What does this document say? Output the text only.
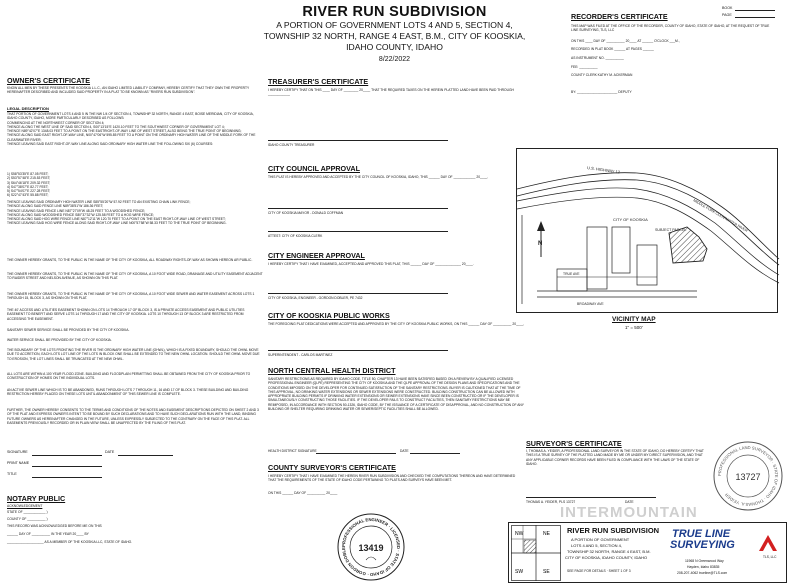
RIVER RUN SUBDIVISION
A PORTION OF GOVERNMENT LOTS 4 AND 5, SECTION 4,
TOWNSHIP 32 NORTH, RANGE 4 EAST, B.M., CITY OF KOOSKIA,
IDAHO COUNTY, IDAHO
8/22/2022
BOOK
PAGE
RECORDER'S CERTIFICATE
THIS MAP WAS FILED AT THE OFFICE OF THE RECORDER, COUNTY OF IDAHO, STATE OF IDAHO, AT THE REQUEST OF TRUE LINE SURVEYING, TLS, LLC
ON THIS ____ DAY OF __________ 20____ AT ______ O'CLOCK ___M.,
RECORDED IN PLAT BOOK ______ AT PAGES ______
AS INSTRUMENT NO. __________
FEE: __________
COUNTY CLERK KATHY M. ACKERMAN
BY: ______________________ DEPUTY
OWNER'S CERTIFICATE
KNOW ALL MEN BY THESE PRESENTS THE KOOSKIA L.L.C., AN IDAHO LIMITED LIABILITY COMPANY, HEREBY CERTIFY THAT THEY OWN THE PROPERTY HEREINAFTER DESCRIBED AND INCLUDED SAID PROPERTY IN A PLAT TO BE KNOWN AS "RIVERS RUN SUBDIVISION".
LEGAL DESCRIPTION
THAT PORTION OF GOVERNMENT LOTS 4 AND 5 IN THE NW 1/4 OF SECTION 4, TOWNSHIP 32 NORTH, RANGE 4 EAST, BOISE MERIDIAN, CITY OF KOOSKIA, IDAHO COUNTY, IDAHO, MORE PARTICULARLY DESCRIBED AS FOLLOWS:
COMMENCING AT THE NORTHWEST CORNER OF SECTION 4;
THENCE ALONG THE WEST LINE OF SAID SECTION 4, S00°13'15"E 1420.10 FEET TO THE SOUTHWEST CORNER OF GOVERNMENT LOT 4;
THENCE N89°42'07"E 1348.03 FEET TO A POINT ON THE EASTRIGHT-OF-WAY LINE OF WEST STREET, ALSO BEING THE TRUE POINT OF BEGINNING;
THENCE ALONG SAID EAST RIGHT-OF-WAY LINE, N00°47'06"W 595.85 FEET TO A POINT ON THE ORDINARY HIGH WATER LINE OF THE MIDDLE FORK OF THE CLEARWATER RIVER;
THENCE LEAVING SAID EAST RIGHT-OF-WAY LINE ALONG SAID ORDINARY HIGH WATER LINE THE FOLLOWING SIX (6) COURSES:
1) S58°53'35"E 87.05 FEET;
2) S53°57'48"E 215.53 FEET;
3) S64°46'18"E 209.32 FEET;
4) S47°38'07"E 82.77 FEET;
5) S47°54'07"E 227.28 FEET;
6) S22°47'43"E 55.88 FEET;
THENCE LEAVING SAID ORDINARY HIGH WATER LINE S85°55'20"W 57.92 FEET TO AN EXISTING CHAIN LINK FENCE;
THENCE ALONG SAID FENCE LINE N89°38'51"W 186.36 FEET;
THENCE LEAVING SAID FENCE LINE N87°27'09"W 48.25 FEET TO A WOODSHED FENCE;
THENCE ALONG SAID WOODSHED FENCE S80°37'32"W 125.58 FEET TO A HOG WIRE FENCE;
THENCE ALONG SAID HOG WIRE FENCE LINE N87°12'11"W 120.70 FEET TO A POINT ON THE EAST RIGHT-OF-WAY LINE OF WEST STREET;
THENCE LEAVING SAID HOG WIRE FENCE ALONG SAID RIGHT-OF-WAY LINE N00°57'58"W 58.33 FEET TO THE TRUE POINT OF BEGINNING.
THE OWNER HEREBY GRANTS, TO THE PUBLIC IN THE NAME OF THE CITY OF KOOSKIA, ALL ROADWAY RIGHTS-OF-WAY AS SHOWN HEREON AR PUBLIC.
THE OWNER HEREBY GRANTS, TO THE PUBLIC IN THE NAME OF THE CITY OF KOOSKIA, A 10 FOOT WIDE ROAD, DRAINAGE AND UTILITY EASEMENT ADJACENT TO RAIDER STREET AND NELSON AVENUE, AS SHOWN ON THIS PLAT.
THE OWNER HEREBY GRANTS, TO THE PUBLIC IN THE NAME OF THE CITY OF KOOSKIA, A 10 FOOT WIDE SEWER AND WATER EASEMENT ACROSS LOTS 1 THROUGH 15, BLOCK 3, AS SHOWN ON THIS PLAT.
THE 40' ACCESS AND UTILITIES EASEMENT SHOWN ON LOTS 14 THROUGH 17 OF BLOCK 3, IS A PRIVATE ACCESS EASEMENT AND PUBLIC UTILITIES EASEMENT TO BENEFIT AND SERVE LOTS 14 THROUGH 17 AND THE CITY OF KOOSKIA. LOTS 10 THROUGH 13 OF BLOCK 3 ARE RESTRICTED FROM ACCESSING THE EASEMENT.
SANITARY SEWER SERVICE SHALL BE PROVIDED BY THE CITY OF KOOSKIA.
WATER SERVICE SHALL BE PROVIDED BY THE CITY OF KOOSKIA.
THE BOUNDARY OF THE LOTS FRONTING THE RIVER IS THE ORDINARY HIGH WATER LINE (OHWL), WHICH IS A FIXED BOUNDARY, SHOULD THE OHWL MOVE DUE TO ACCRETION, EACH LOTS LOT LINE OF THE LOTS IN BLOCK ONE SHALL BE EXTENDED TO THE NEW OHWL LOCATION. SHOULD THE OHWL MOVE DUE TO EROSION, THE LOT LINES SHALL BE TRUNCATED AT THE NEW OHWL.
ALL LOTS ARE WITHIN A 100 YEAR FLOOD ZONE. BUILDING AND FLOODPLAIN PERMITTING SHALL BE OBTAINED FROM THE CITY OF KOOSKIA PRIOR TO CONSTRUCTION OF HOMES ON THE INDIVIDUAL LOTS.
AN ACTIVE SEWER LINE WHICH IS TO BE ABANDONED, RUNS THROUGH LOTS 7 THROUGH 11, 16 AND 17 OF BLOCK 3. THESE BUILDING AND BUILDING RESTRICTION HEREBY PLACED ON THESE LOTS UNTIL ABANDONMENT OF THIS SEWER LINE IS COMPLETE.
FURTHER, THE OWNER HEREBY CONSENTS TO THE TERMS AND CONDITIONS OF THE NOTES AND EASEMENT DESCRIPTIONS DEPICTED ON SHEET 2 AND 3 OF THE PLAT AND EXPRESS OWNER'S INTENT TO BE BOUND BY SUCH DECLARATIONS AND TO HAVE SUCH DECLARATIONS RUN WITH THE LAND, BINDING FUTURE OWNERS AS HEREINAFTER CHANGED IN THE FUTURE, UNLESS EXPRESSLY SUBJECTED TO THE CONTRARY ON THE FACE OF THIS PLAT. ALL EASEMENTS PREVIOUSLY RECORDED OR IN PLAIN VIEW SHALL BE UNAFFECTED BY THE FILING OF THIS PLAT.
SIGNATURE	DATE
PRINT NAME
TITLE
NOTARY PUBLIC
ACKNOWLEDGEMENT
STATE OF ____________ )
COUNTY OF __________ )
THIS RECORD WAS ACKNOWLEDGED BEFORE ME ON THIS
______ DAY OF __________ IN THE YEAR 20____ BY
____________________ AS A MEMBER OF THE KOOSKIA LLC, STATE OF IDAHO.
PROFESSIONAL ENGINEER · LICENSED · STATE OF IDAHO · GORDON DOBLE	13419
TREASURER'S CERTIFICATE
I HEREBY CERTIFY THAT ON THIS ____ DAY OF ________ 20____ THAT THE REQUIRED TAXES ON THE HEREIN PLATTED LAND HAVE BEEN PAID THROUGH ____________
IDAHO COUNTY TREASURER
CITY COUNCIL APPROVAL
THIS PLAT IS HEREBY APPROVED AND ACCEPTED BY THE CITY COUNCIL OF KOOSKIA, IDAHO, THIS ______ DAY OF ____________ 20____.
CITY OF KOOSKIA MAYOR - DONALD COFFMAN
ATTEST: CITY OF KOOSKIA CLERK
CITY ENGINEER APPROVAL
I HEREBY CERTIFY THAT I HAVE EXAMINED, ACCEPTED AND APPROVED THIS PLAT, THIS ______ DAY OF ______________ 20____.
CITY OF KOOSKIA, ENGINEER - GORDON DOBLER, PE 7432
CITY OF KOOSKIA PUBLIC WORKS
THE FOREGOING PLAT DEDICATIONS WERE ACCEPTED AND APPROVED BY THE CITY OF KOOSKIA PUBLIC WORKS, ON THIS ______ DAY OF __________ 20____.
SUPERINTENDENT - CARLOS MARTINEZ
NORTH CENTRAL HEALTH DISTRICT
SANITARY RESTRICTIONS AS REQUIRED BY IDAHO CODE, TITLE 50, CHAPTER 13 HAVE BEEN SATISFIED BASED ON A REVIEW BY A QUALIFIED LICENSED PROFESSIONAL ENGINEER (QLPE) REPRESENTING THE CITY OF KOOSKIA AND THE QLPE APPROVAL OF THE DESIGN PLANS AND SPECIFICATIONS AND THE CONDITIONS IMPOSED ON THE DEVELOPER FOR CONTINUED SATISFACTION OF THE SANITARY RESTRICTIONS. BUYER IS CAUTIONED THAT AT THE TIME OF THIS APPROVAL, NO DRINKING WATER EXTENSIONS OR SEWER EXTENSIONS WERE CONSTRUCTED. BUILDING CONSTRUCTION CAN BE ALLOWED WITH APPROPRIATE BUILDING PERMITS IF DRINKING WATER EXTENSIONS OR SEWER EXTENSIONS HAVE SINCE BEEN CONSTRUCTED OR IF THE DEVELOPER IS SIMULTANEOUSLY CONSTRUCTING THOSE FACILITIES. IF THE DEVELOPER FAILS TO CONSTRUCT FACILITIES, THEN SANITARY RESTRICTIONS MAY BE REIMPOSED, IN ACCORDANCE WITH SECTION 50-1326, IDAHO CODE, BY THE ISSUANCE OF A CERTIFICATE OF DISAPPROVAL, AND NO CONSTRUCTION OF ANY BUILDING OR SHELTER REQUIRING DRINKING WATER OR SEWER/SEPTIC FACILITIES SHALL BE ALLOWED.
HEALTH DISTRICT SIGNATURE	DATE
COUNTY SURVEYOR'S CERTIFICATE
I HEREBY CERTIFY THAT I HAVE EXAMINED THE HEREIN RIVER RUN SUBDIVISION AND CHECKED THE COMPUTATIONS THEREON AND HAVE DETERMINED THAT THE REQUIREMENTS OF THE STATE OF IDAHO CODE PERTAINING TO PLATS AND SURVEYS HAVE BEEN MET.
ON THIS ______ DAY OF __________ 20____
U.S. HIGHWAY 12
MIDDLE FORK CLEARWATER RIVER
CITY OF KOOSKIA
SUBJECT PARCEL
TRUE AVE
BROADWAY AVE
N
VICINITY MAP
1" = 500'
SURVEYOR'S CERTIFICATE
I, THOMAS A. YEIDER, A PROFESSIONAL LAND SURVEYOR IN THE STATE OF IDAHO, DO HEREBY CERTIFY THAT THIS IS A TRUE SURVEY OF THE PLATTED LAND MADE BY ME OR UNDER MY DIRECT SUPERVISION, AND THAT ANY APPLICABLE CORNER RECORDS HAVE BEEN FILED IN COMPLIANCE WITH THE LAWS OF THE STATE OF IDAHO.
THOMAS A. YEIDER, PLS 13727	DATE
PROFESSIONAL LAND SURVEYOR · STATE OF IDAHO · THOMAS A. YEIDER
13727
INTERMOUNTAIN
NW	NE
SW	SE
RIVER RUN SUBDIVISION
A PORTION OF GOVERNMENT
LOTS 4 AND 5, SECTION 4,
TOWNSHIP 32 NORTH, RANGE 4 EAST, B.M.
CITY OF KOOSKIA, IDAHO COUNTY, IDAHO
SEE PAGE FOR DETAILS · SHEET 1 OF 3
TRUE LINE
SURVEYING
TLS, LLC
11968 N Greenwood Way
Hayden, Idaho 83835
208-207-4062 trueline@TLS.com
